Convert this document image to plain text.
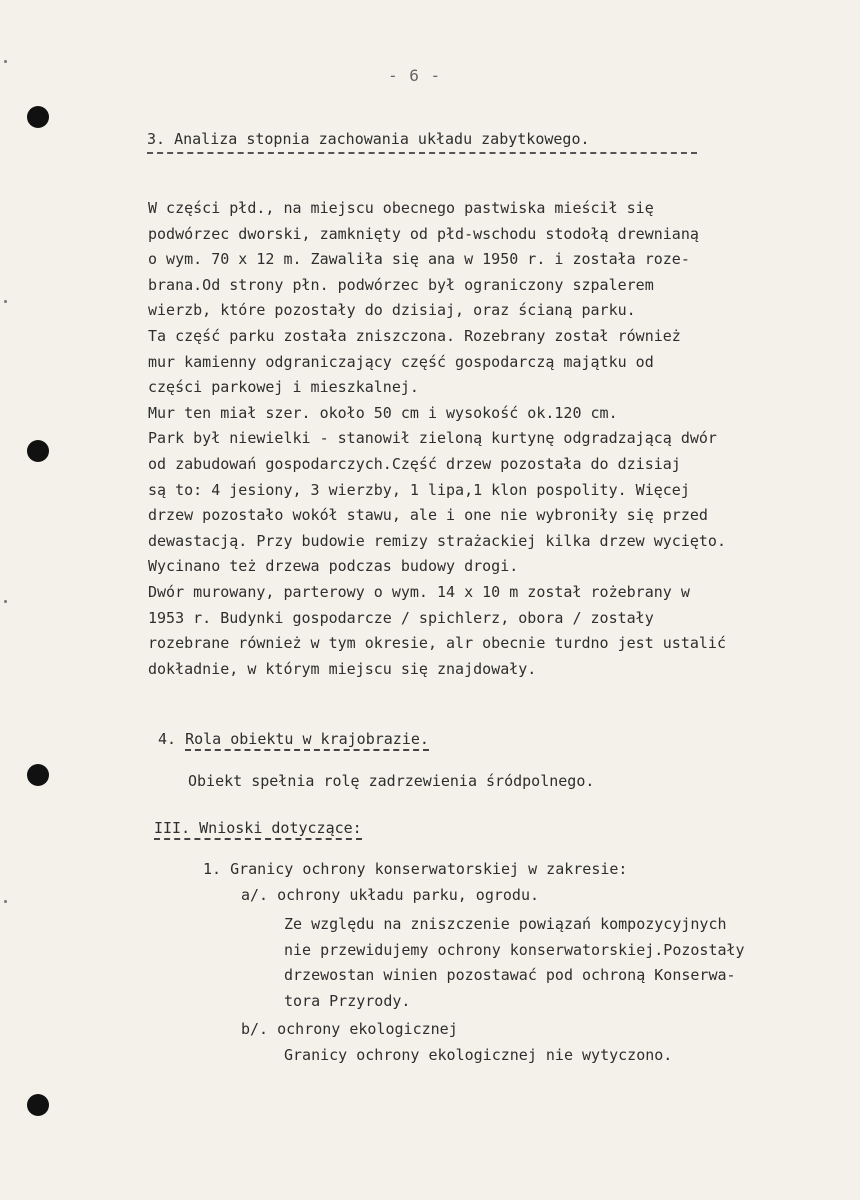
- 6 -
3. Analiza stopnia zachowania układu zabytkowego.
W części płd., na miejscu obecnego pastwiska mieścił się
podwórzec dworski, zamknięty od płd-wschodu stodołą drewnianą
o wym. 70 x 12 m. Zawaliła się ana w 1950 r. i została roze-
brana.Od strony płn. podwórzec był ograniczony szpalerem
wierzb, które pozostały do dzisiaj, oraz ścianą parku.
Ta część parku została zniszczona. Rozebrany został również
mur kamienny odgraniczający część gospodarczą majątku od
części parkowej i mieszkalnej.
Mur ten miał szer. około 50 cm i wysokość ok.120 cm.
Park był niewielki - stanowił zieloną kurtynę odgradzającą dwór
od zabudowań gospodarczych.Część drzew pozostała do dzisiaj
są to: 4 jesiony, 3 wierzby, 1 lipa,1 klon pospolity. Więcej
drzew pozostało wokół stawu, ale i one nie wybroniły się przed
dewastacją. Przy budowie remizy strażackiej kilka drzew wycięto.
Wycinano też drzewa podczas budowy drogi.
Dwór murowany, parterowy o wym. 14 x 10 m został rożebrany w
1953 r. Budynki gospodarcze / spichlerz, obora / zostały
rozebrane również w tym okresie, alr obecnie turdno jest ustalić
dokładnie, w którym miejscu się znajdowały.
4. Rola obiektu w krajobrazie.
Obiekt spełnia rolę zadrzewienia śródpolnego.
III. Wnioski dotyczące:
1. Granicy ochrony konserwatorskiej w zakresie:
a/. ochrony układu parku, ogrodu.
Ze względu na zniszczenie powiązań kompozycyjnych
nie przewidujemy ochrony konserwatorskiej.Pozostały
drzewostan winien pozostawać pod ochroną Konserwa-
tora Przyrody.
b/. ochrony ekologicznej
Granicy ochrony ekologicznej nie wytyczono.
